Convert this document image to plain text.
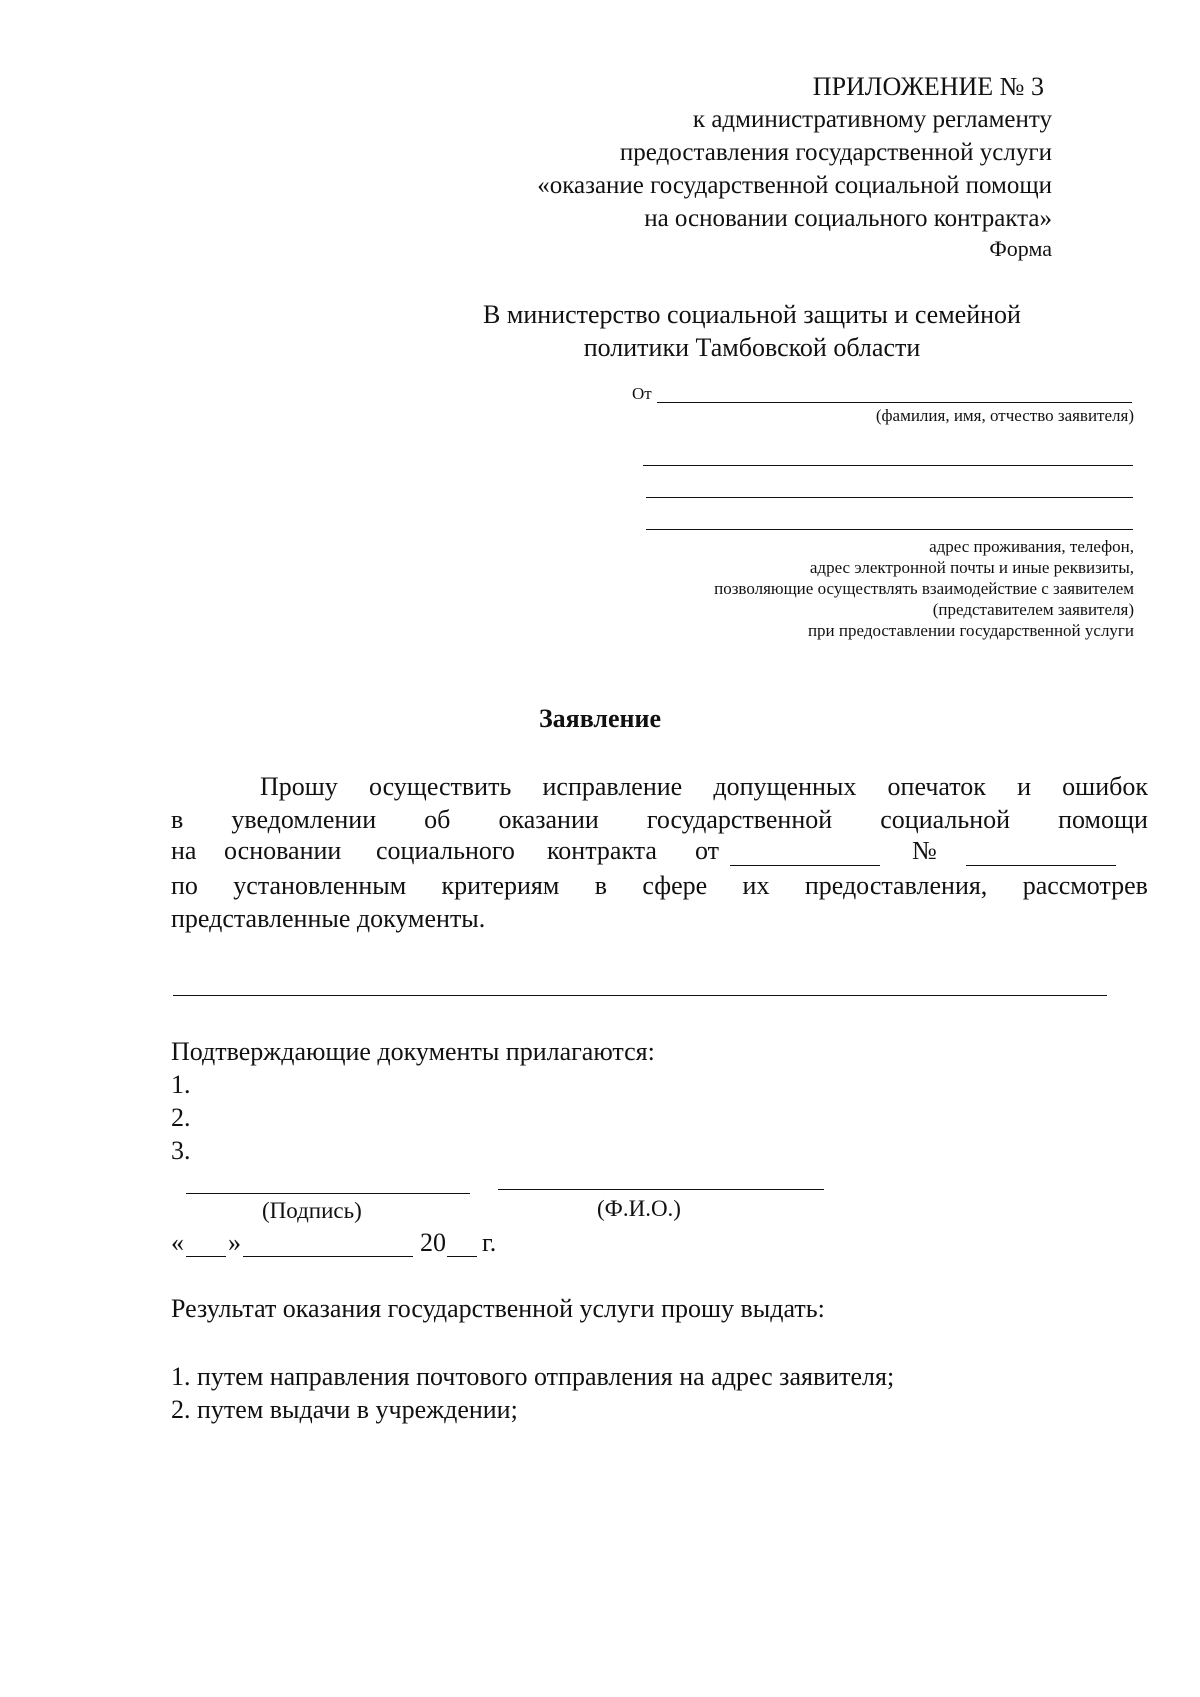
ПРИЛОЖЕНИЕ № 3
к административному регламенту
предоставления государственной услуги
«оказание государственной социальной помощи
на основании социального контракта»
Форма
В министерство социальной защиты и семейной
политики Тамбовской области
От
(фамилия, имя, отчество заявителя)
адрес проживания, телефон,
адрес электронной почты и иные реквизиты,
позволяющие осуществлять взаимодействие с заявителем
(представителем заявителя)
при предоставлении государственной услуги
Заявление
Прошу осуществить исправление допущенных опечаток и ошибок
в уведомлении об оказании государственной социальной помощи
на основании социального контракта от	№
по установленным критериям в сфере их предоставления, рассмотрев
представленные документы.
Подтверждающие документы прилагаются:
1.
2.
3.
(Подпись)	(Ф.И.О.)
« »	20 г.
Результат оказания государственной услуги прошу выдать:
1. путем направления почтового отправления на адрес заявителя;
2. путем выдачи в учреждении;
